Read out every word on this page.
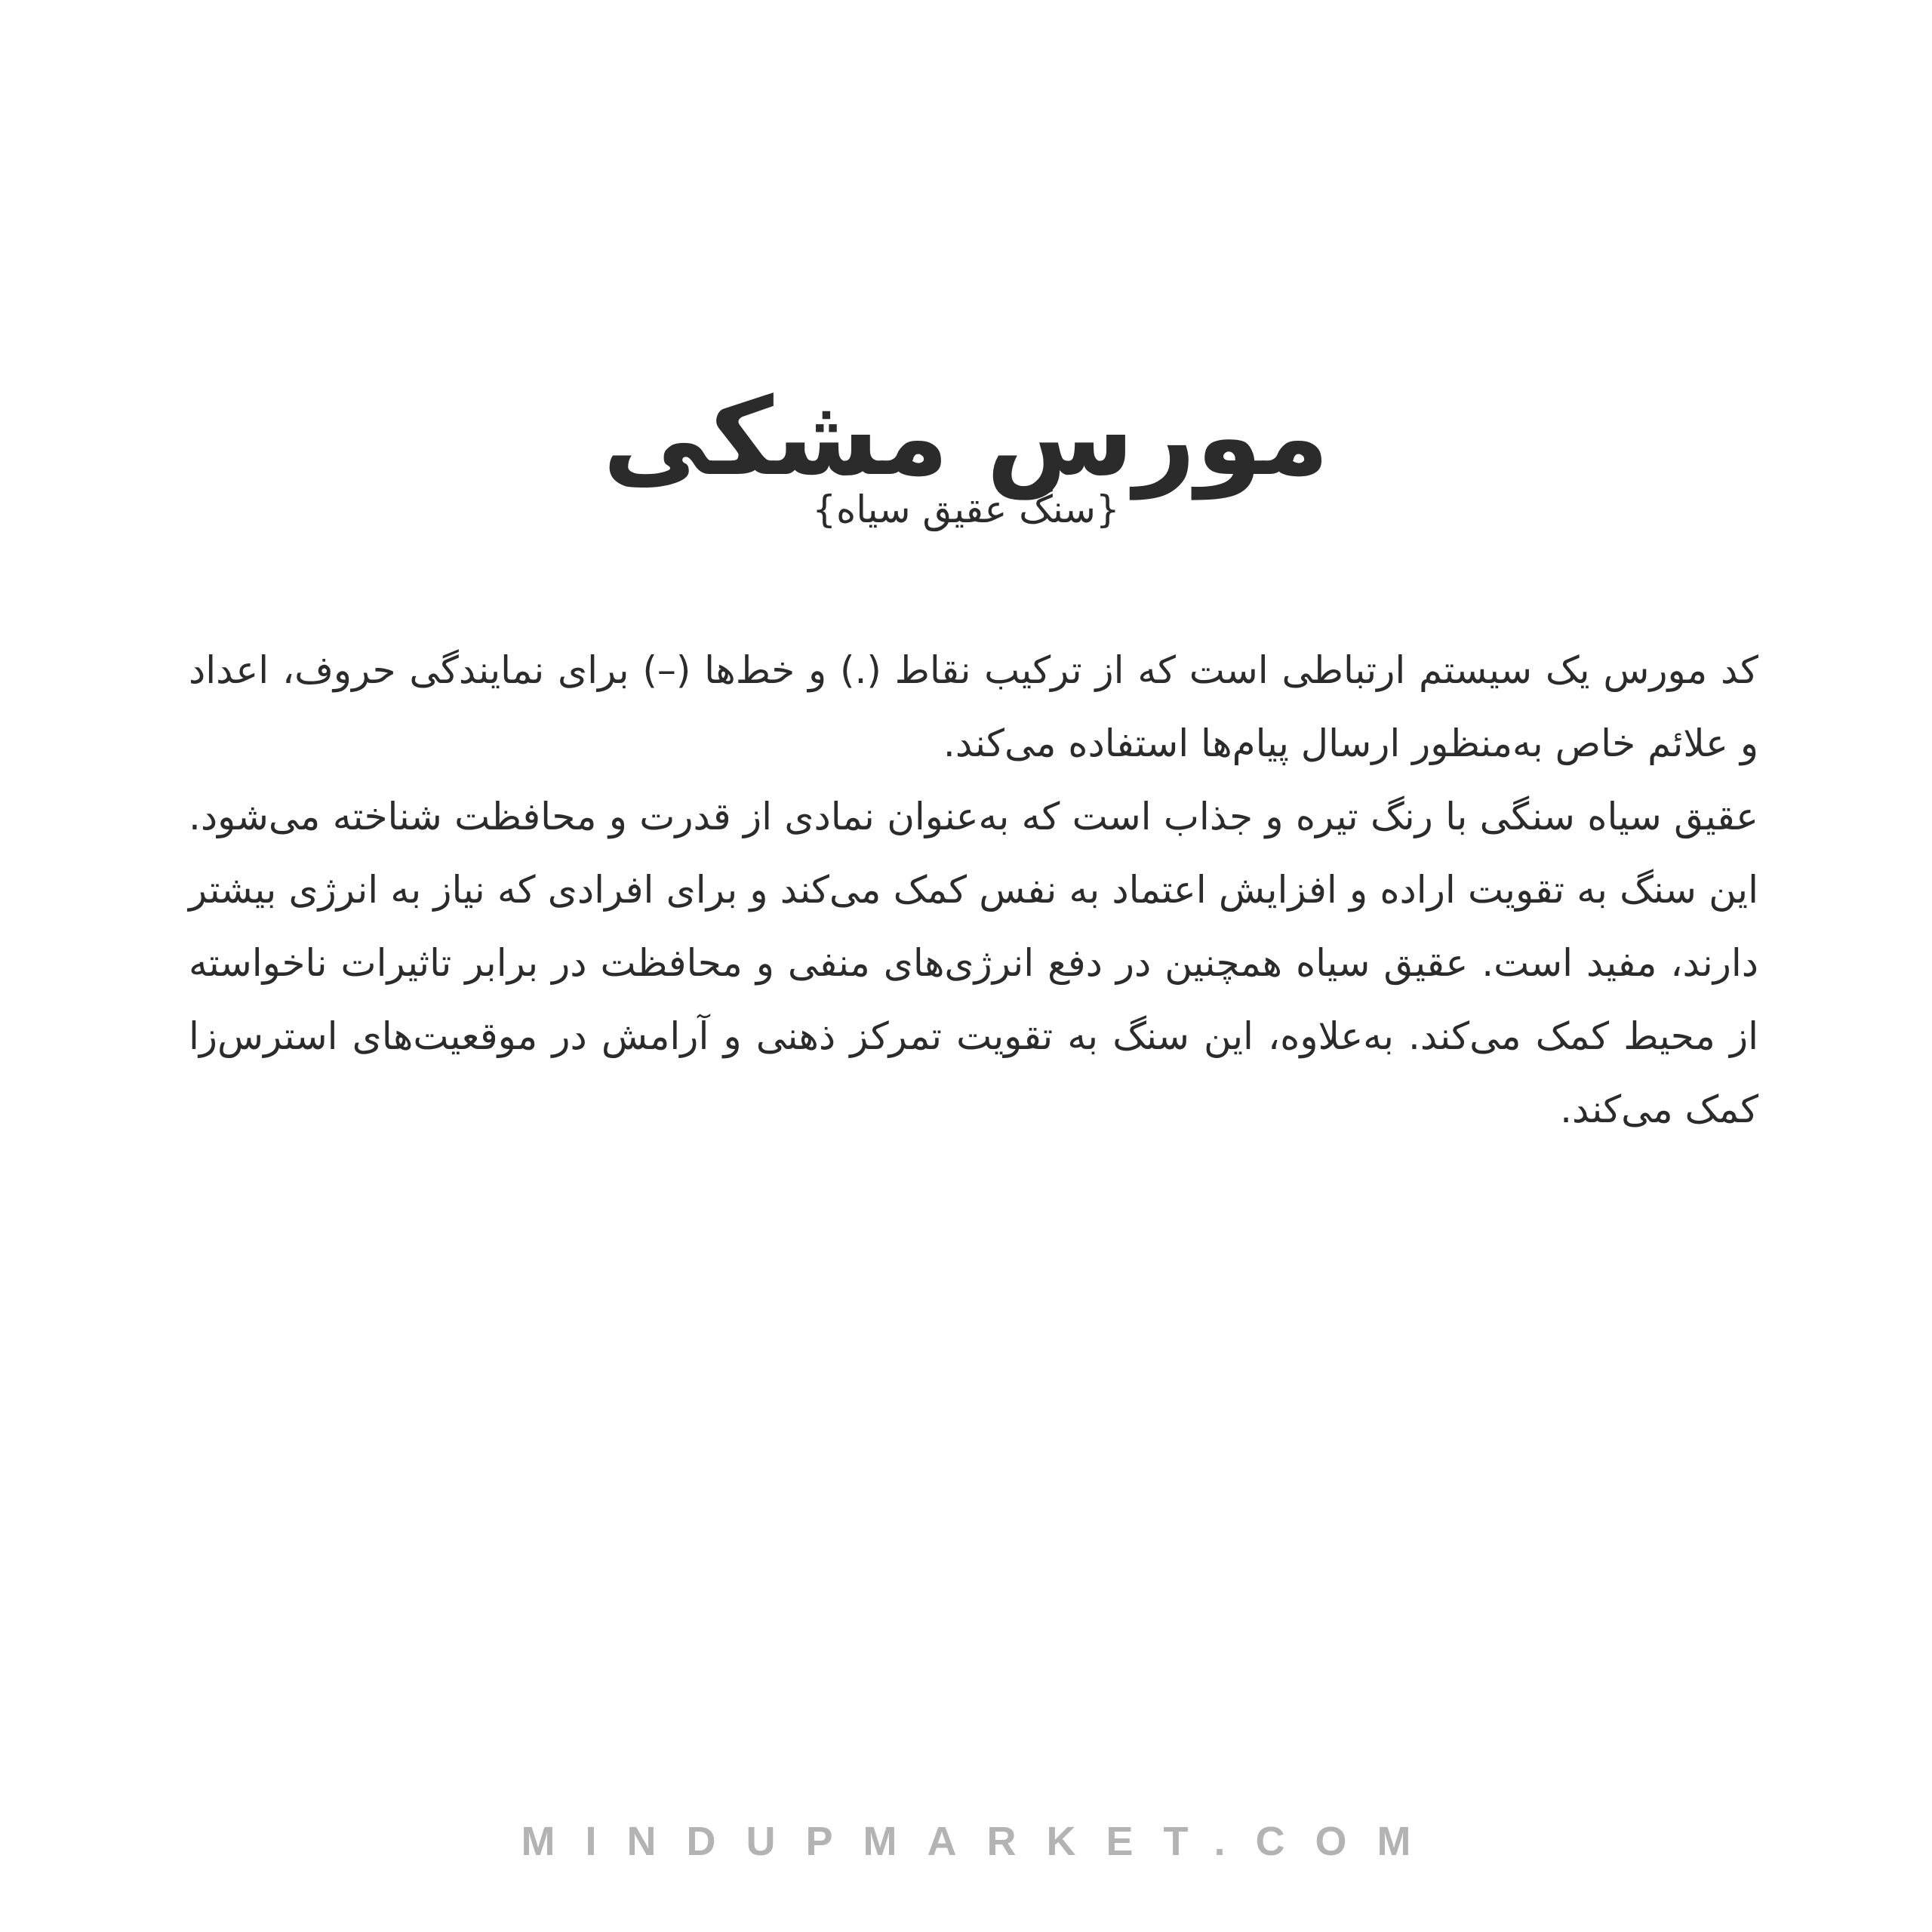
مورس مشکی
{سنگ عقیق سیاه}

کد مورس یک سیستم ارتباطی است که از ترکیب نقاط (.) و خط‌ها (–) برای نمایندگی حروف، اعداد و علائم خاص به‌منظور ارسال پیام‌ها استفاده می‌کند.

عقیق سیاه سنگی با رنگ تیره و جذاب است که به‌عنوان نمادی از قدرت و محافظت شناخته می‌شود. این سنگ به تقویت اراده و افزایش اعتماد به نفس کمک می‌کند و برای افرادی که نیاز به انرژی بیشتر دارند، مفید است. عقیق سیاه همچنین در دفع انرژی‌های منفی و محافظت در برابر تاثیرات ناخواسته از محیط کمک می‌کند. به‌علاوه، این سنگ به تقویت تمرکز ذهنی و آرامش در موقعیت‌های استرس‌زا کمک می‌کند.

MINDUPMARKET.COM
